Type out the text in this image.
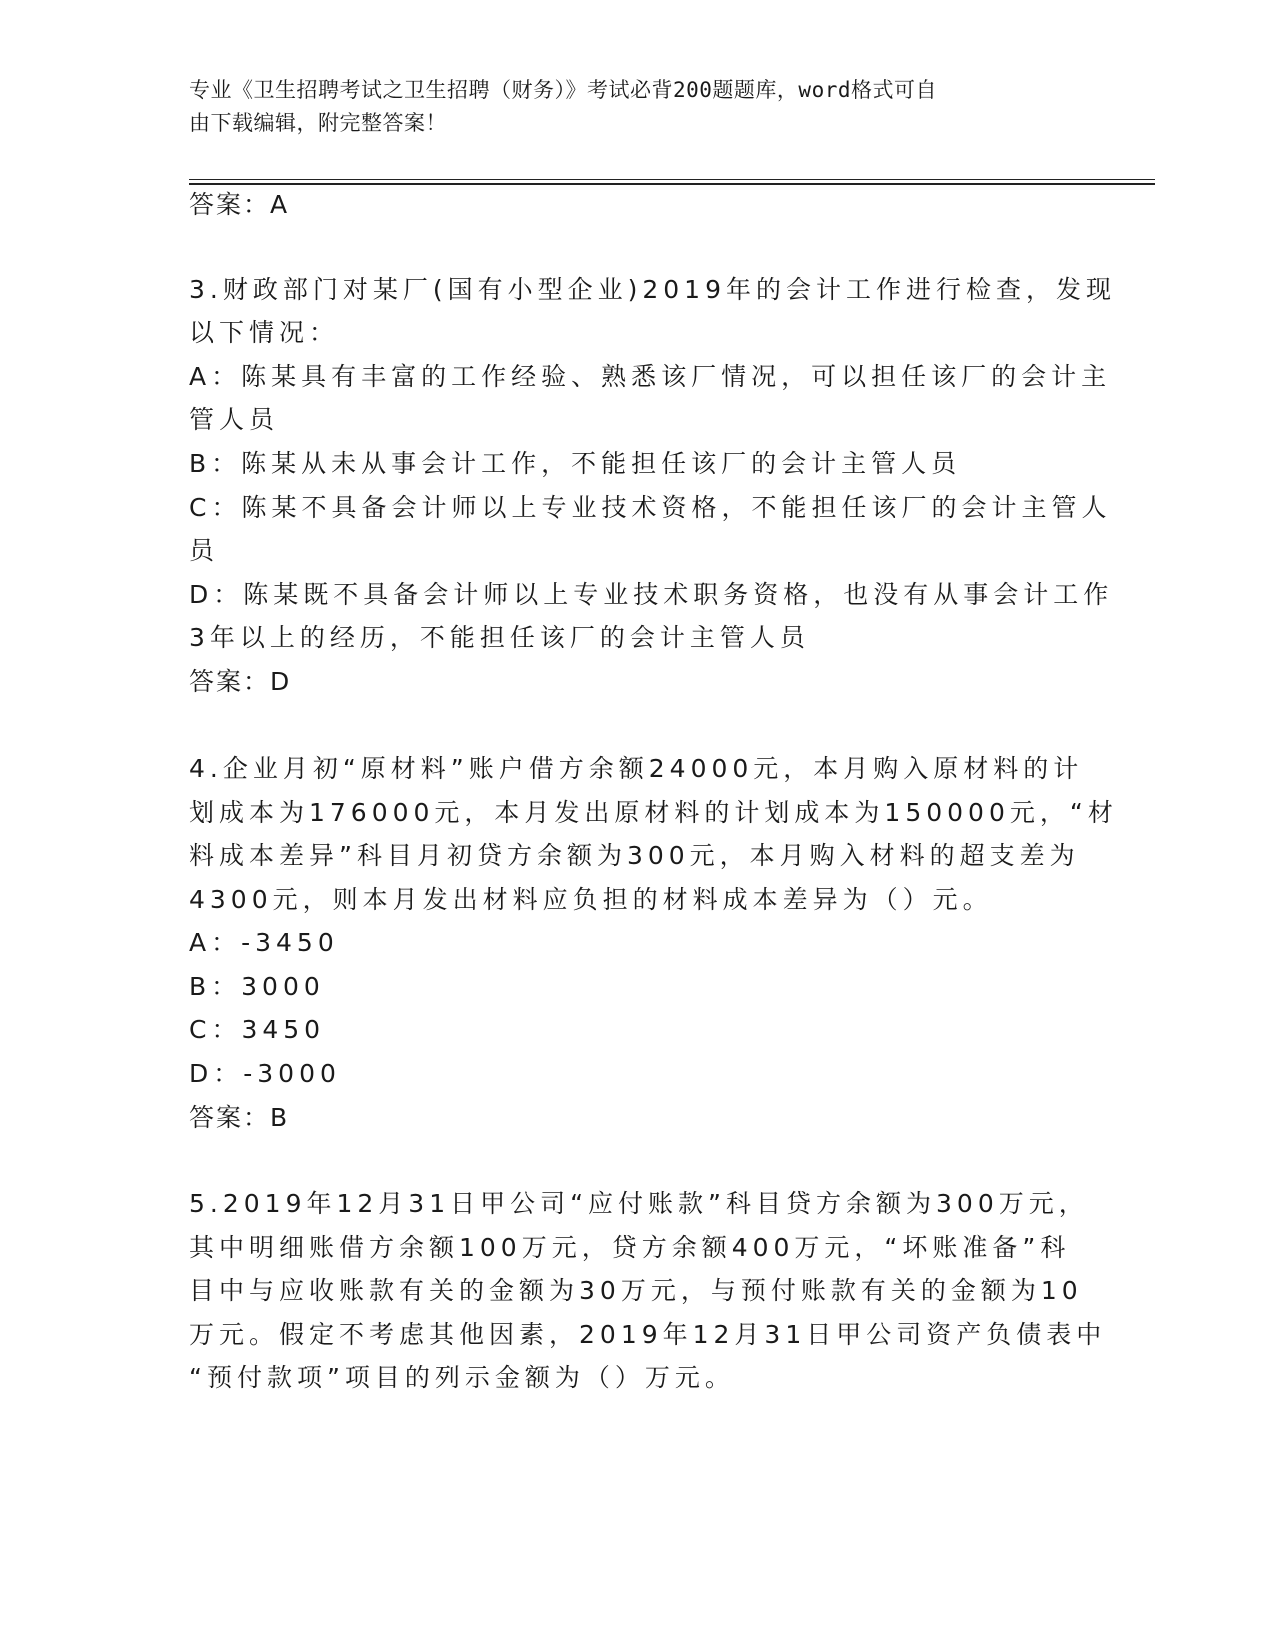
专业《卫生招聘考试之卫生招聘（财务）》考试必背200题题库，word格式可自
由下载编辑，附完整答案！
答案：A
3.财政部门对某厂(国有小型企业)2019年的会计工作进行检查，发现
以下情况：
A：陈某具有丰富的工作经验、熟悉该厂情况，可以担任该厂的会计主
管人员
B：陈某从未从事会计工作，不能担任该厂的会计主管人员
C：陈某不具备会计师以上专业技术资格，不能担任该厂的会计主管人
员
D：陈某既不具备会计师以上专业技术职务资格，也没有从事会计工作
3年以上的经历，不能担任该厂的会计主管人员
答案：D
4.企业月初“原材料”账户借方余额24000元，本月购入原材料的计
划成本为176000元，本月发出原材料的计划成本为150000元，“材
料成本差异”科目月初贷方余额为300元，本月购入材料的超支差为
4300元，则本月发出材料应负担的材料成本差异为（）元。
A：-3450
B：3000
C：3450
D：-3000
答案：B
5.2019年12月31日甲公司“应付账款”科目贷方余额为300万元，
其中明细账借方余额100万元，贷方余额400万元，“坏账准备”科
目中与应收账款有关的金额为30万元，与预付账款有关的金额为10
万元。假定不考虑其他因素，2019年12月31日甲公司资产负债表中
“预付款项”项目的列示金额为（）万元。
